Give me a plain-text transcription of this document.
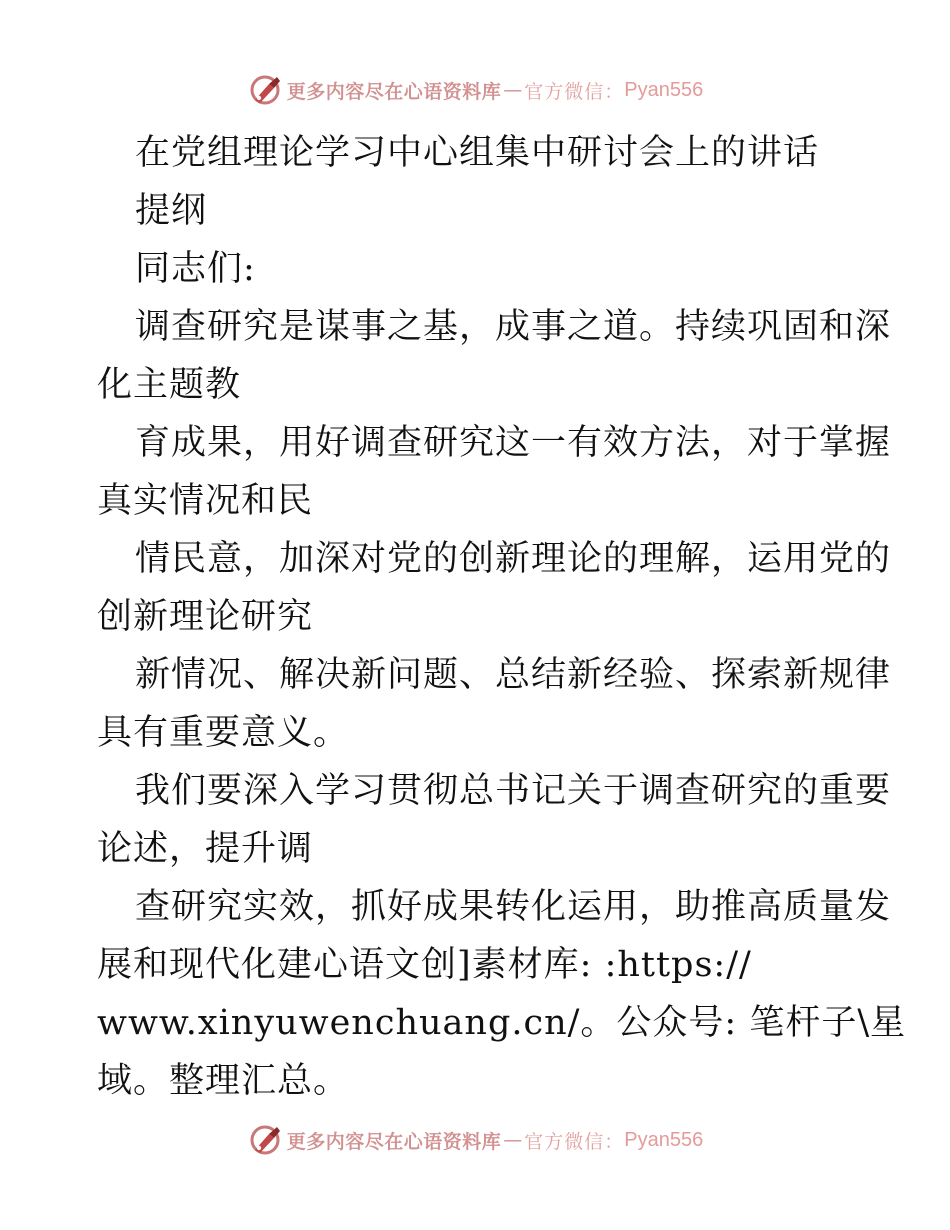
更多内容尽在心语资料库 — 官方微信： Pyan556
在党组理论学习中心组集中研讨会上的讲话
提纲
同志们:
调查研究是谋事之基，成事之道。持续巩固和深
化主题教
育成果，用好调查研究这一有效方法，对于掌握
真实情况和民
情民意，加深对党的创新理论的理解，运用党的
创新理论研究
新情况、解决新问题、总结新经验、探索新规律
具有重要意义。
我们要深入学习贯彻总书记关于调查研究的重要
论述，提升调
查研究实效，抓好成果转化运用，助推高质量发
展和现代化建心语文创]素材库: :https://
www.xinyuwenchuang.cn/。公众号: 笔杆子\星
域。整理汇总。
更多内容尽在心语资料库 — 官方微信： Pyan556
